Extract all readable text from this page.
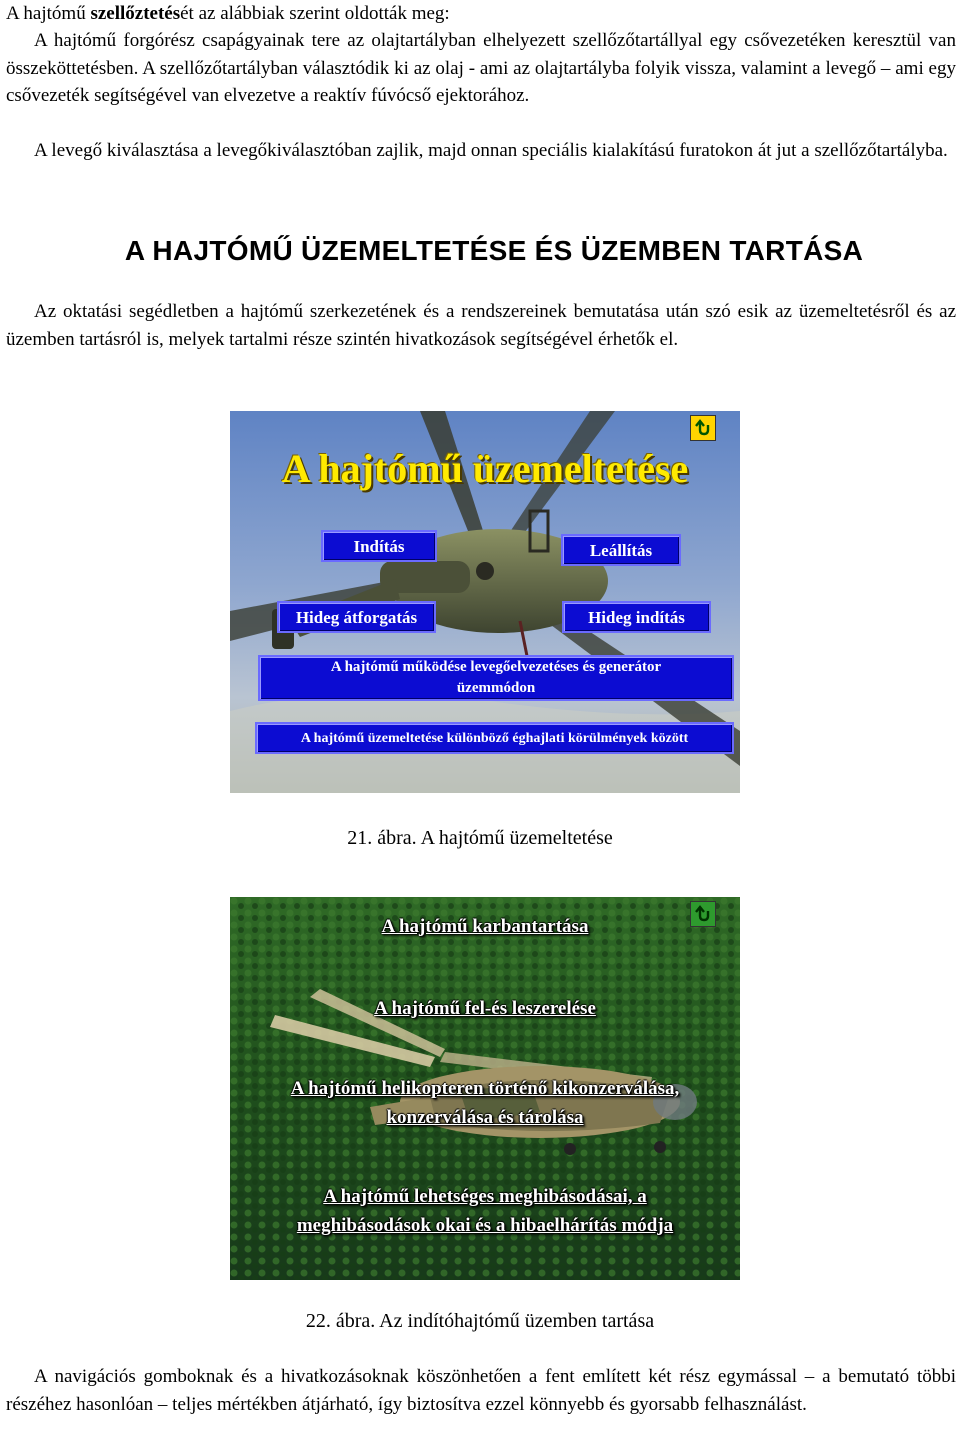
A hajtómű szellőztetését az alábbiak szerint oldották meg:

A hajtómű forgórész csapágyainak tere az olajtartályban elhelyezett szellőzőtartállyal egy csővezetéken keresztül van összeköttetésben. A szellőzőtartályban választódik ki az olaj - ami az olajtartályba folyik vissza, valamint a levegő – ami egy csővezeték segítségével van elvezetve a reaktív fúvócső ejektorához.

A levegő kiválasztása a levegőkiválasztóban zajlik, majd onnan speciális kialakítású furatokon át jut a szellőzőtartályba.

A HAJTÓMŰ ÜZEMELTETÉSE ÉS ÜZEMBEN TARTÁSA

Az oktatási segédletben a hajtómű szerkezetének és a rendszereinek bemutatása után szó esik az üzemeltetésről és az üzemben tartásról is, melyek tartalmi része szintén hivatkozások segítségével érhetők el.

A hajtómű üzemeltetése
Indítás	Leállítás
Hideg átforgatás	Hideg indítás
A hajtómű működése levegőelvezetéses és generátor üzemmódon
A hajtómű üzemeltetése különböző éghajlati körülmények között
21. ábra. A hajtómű üzemeltetése
A hajtómű karbantartása
A hajtómű fel-és leszerelése
A hajtómű helikopteren történő kikonzerválása, konzerválása és tárolása
A hajtómű lehetséges meghibásodásai, a meghibásodások okai és a hibaelhárítás módja
22. ábra. Az indítóhajtómű üzemben tartása

A navigációs gomboknak és a hivatkozásoknak köszönhetően a fent említett két rész egymással – a bemutató többi részéhez hasonlóan – teljes mértékben átjárható, így biztosítva ezzel könnyebb és gyorsabb felhasználást.
